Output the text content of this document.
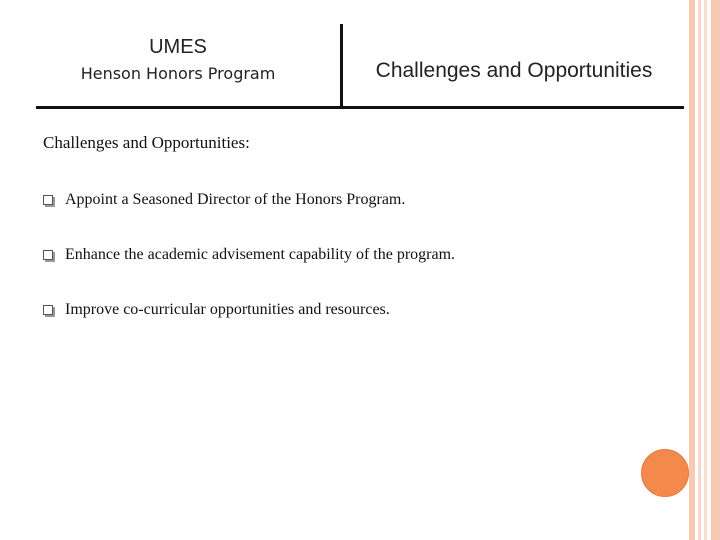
UMES
Henson Honors Program	Challenges and Opportunities
Challenges and Opportunities:
Appoint a Seasoned Director of the Honors Program.
Enhance the academic advisement capability of the program.
Improve co-curricular opportunities and resources.
